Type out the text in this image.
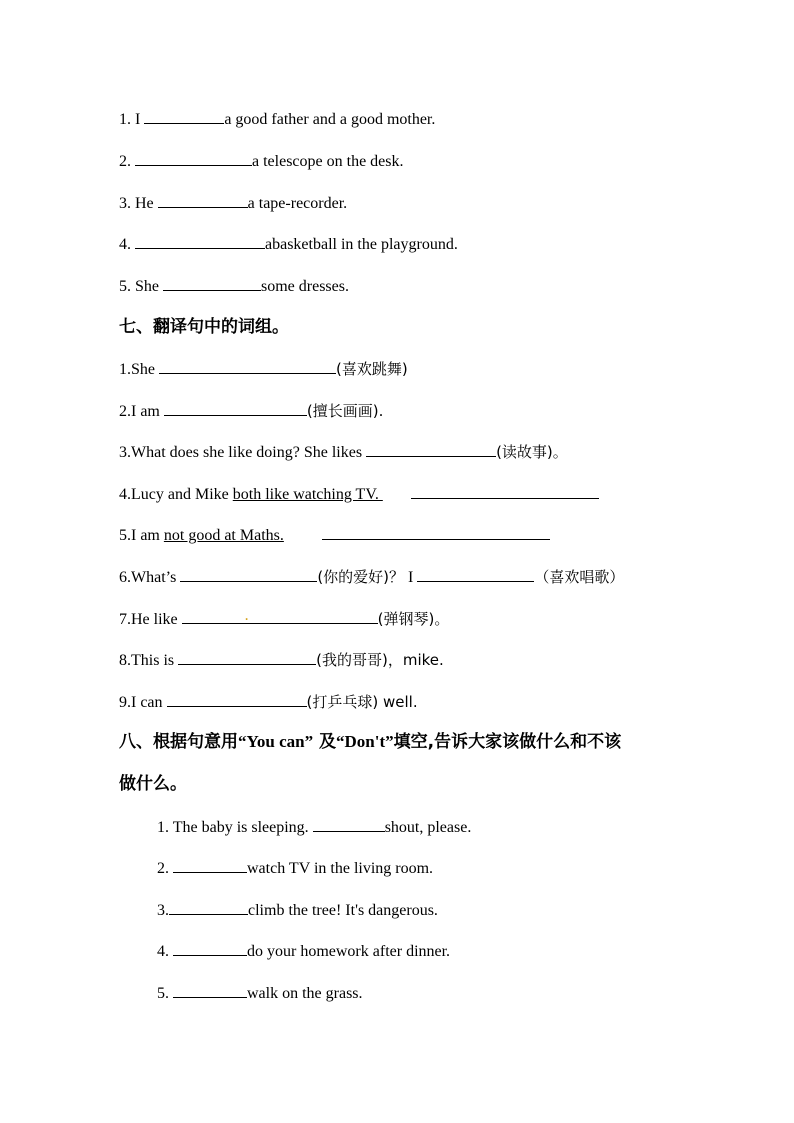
1. I	a good father and a good mother.
2.	a telescope on the desk.
3. He	a tape-recorder.
4.	abasketball in the playground.
5. She	some dresses.
七、翻译句中的词组。
1.She	(喜欢跳舞)
2.I am	(擅长画画).
3.What does she like doing? She likes	(读故事)。
4.Lucy and Mike both like watching TV.
5.I am not good at Maths.
6.What’s	(你的爱好)？ I	（喜欢唱歌）
7.He like	.	(弹钢琴)。
8.This is	(我的哥哥)，mike.
9.I can	(打乒乓球) well.
八、根据句意用“You can” 及“Don't”填空,告诉大家该做什么和不该
做什么。
1. The baby is sleeping.	shout, please.
2.	watch TV in the living room.
3.	climb the tree! It's dangerous.
4.	do your homework after dinner.
5.	walk on the grass.
